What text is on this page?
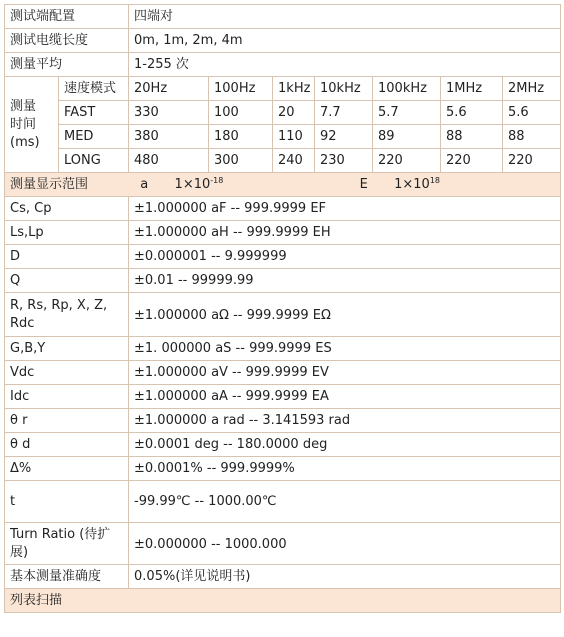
测试端配置		四端对						
测试电缆长度		0m, 1m, 2m, 4m						
测量平均		1-255 次						

测量
时间
(ms)	速度模式	20Hz	100Hz	1kHz	10kHz	100kHz	1MHz	2MHz
	FAST	330	100	20	7.7	5.7	5.6	5.6
	MED	380	180	110	92	89	88	88
	LONG	480	300	240	230	220	220	220
测量显示范围 a $1\times 10^{-18}$ E $1\times 10^{18}$
Cs, Cp		±1.000000 aF -- 999.9999 EF						
Ls,Lp		±1.000000 aH -- 999.9999 EH						
D		±0.000001 -- 9.999999						
Q		±0.01 -- 99999.99						
R, Rs, Rp, X, Z, Rdc		±1.000000 aΩ -- 999.9999 EΩ						
G,B,Y		±1. 000000 aS -- 999.9999 ES						
Vdc		±1.000000 aV -- 999.9999 EV						
Idc		±1.000000 aA -- 999.9999 EA						
θ r		±1.000000 a rad -- 3.141593 rad						
θ d		±0.0001 deg -- 180.0000 deg						
Δ%		±0.0001% -- 999.9999%						
t		-99.99℃ -- 1000.00℃						
Turn Ratio (待扩展)		±0.000000 -- 1000.000						
基本测量准确度		0.05%(详见说明书)						
列表扫描								
